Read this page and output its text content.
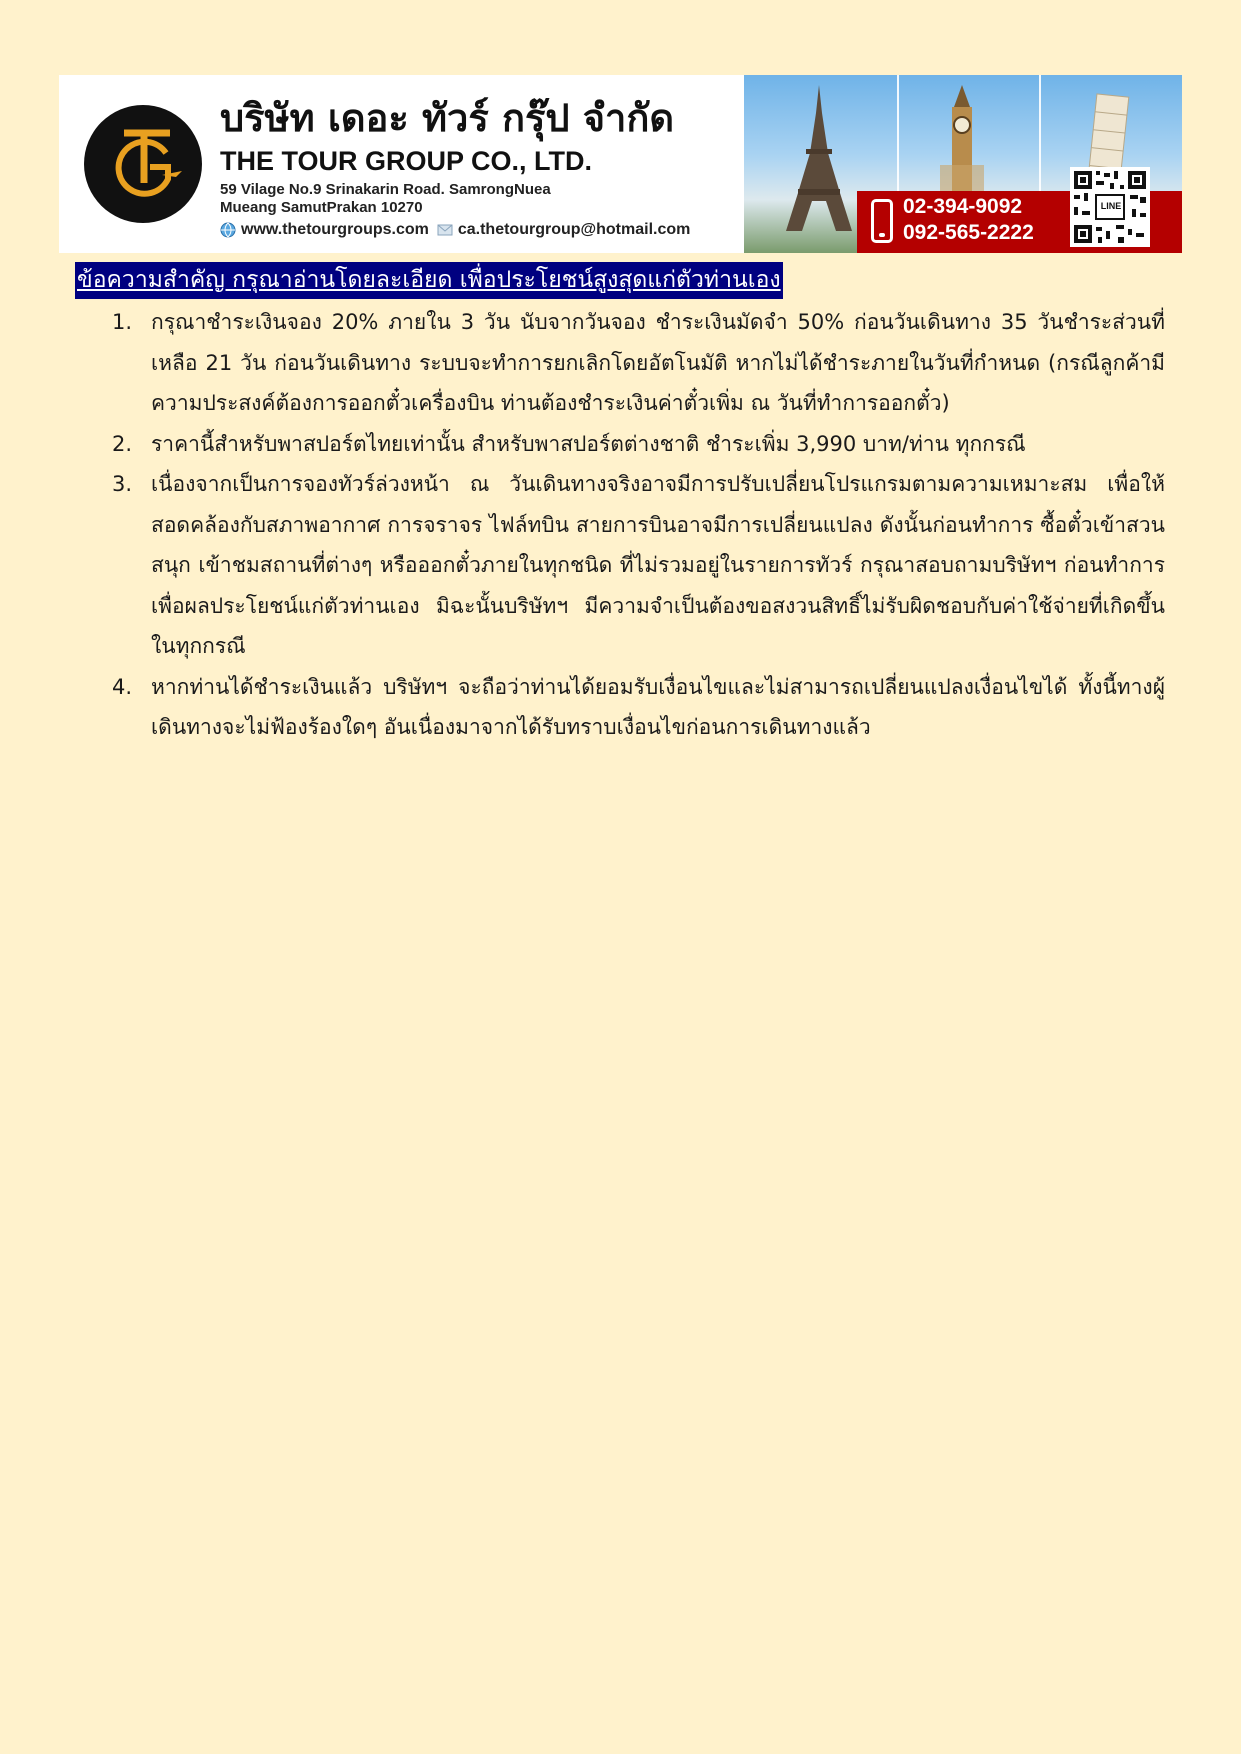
บริษัท เดอะ ทัวร์ กรุ๊ป จำกัด
THE TOUR GROUP CO., LTD.
59 Vilage No.9 Srinakarin Road. SamrongNuea
Mueang SamutPrakan 10270
www.thetourgroups.com ca.thetourgroup@hotmail.com
02-394-9092
092-565-2222
LINE
ข้อความสำคัญ กรุณาอ่านโดยละเอียด เพื่อประโยชน์สูงสุดแก่ตัวท่านเอง
1. กรุณาชำระเงินจอง 20% ภายใน 3 วัน นับจากวันจอง ชำระเงินมัดจำ 50% ก่อนวันเดินทาง 35 วันชำระส่วนที่เหลือ 21 วัน ก่อนวันเดินทาง ระบบจะทำการยกเลิกโดยอัตโนมัติ หากไม่ได้ชำระภายในวันที่กำหนด (กรณีลูกค้ามีความประสงค์ต้องการออกตั๋วเครื่องบิน ท่านต้องชำระเงินค่าตั๋วเพิ่ม ณ วันที่ทำการออกตั๋ว)
2. ราคานี้สำหรับพาสปอร์ตไทยเท่านั้น สำหรับพาสปอร์ตต่างชาติ ชำระเพิ่ม 3,990 บาท/ท่าน ทุกกรณี
3. เนื่องจากเป็นการจองทัวร์ล่วงหน้า ณ วันเดินทางจริงอาจมีการปรับเปลี่ยนโปรแกรมตามความเหมาะสม เพื่อให้สอดคล้องกับสภาพอากาศ การจราจร ไฟล์ทบิน สายการบินอาจมีการเปลี่ยนแปลง ดังนั้นก่อนทำการ ซื้อตั๋วเข้าสวนสนุก เข้าชมสถานที่ต่างๆ หรือออกตั๋วภายในทุกชนิด ที่ไม่รวมอยู่ในรายการทัวร์ กรุณาสอบถามบริษัทฯ ก่อนทำการ เพื่อผลประโยชน์แก่ตัวท่านเอง มิฉะนั้นบริษัทฯ มีความจำเป็นต้องขอสงวนสิทธิ์ไม่รับผิดชอบกับค่าใช้จ่ายที่เกิดขึ้นในทุกกรณี
4. หากท่านได้ชำระเงินแล้ว บริษัทฯ จะถือว่าท่านได้ยอมรับเงื่อนไขและไม่สามารถเปลี่ยนแปลงเงื่อนไขได้ ทั้งนี้ทางผู้เดินทางจะไม่ฟ้องร้องใดๆ อันเนื่องมาจากได้รับทราบเงื่อนไขก่อนการเดินทางแล้ว
